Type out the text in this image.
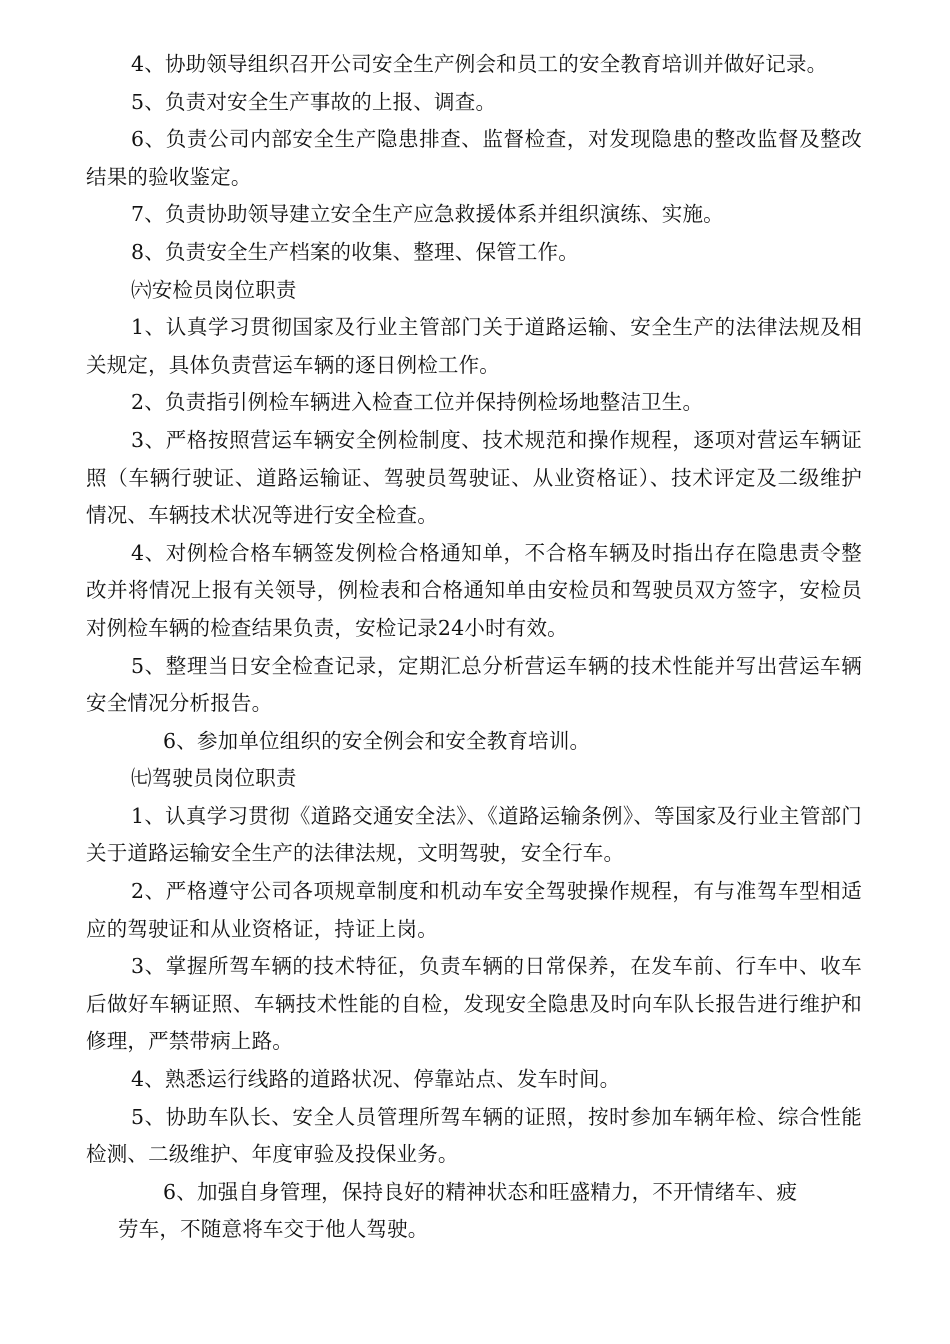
4、协助领导组织召开公司安全生产例会和员工的安全教育培训并做好记录。

5、负责对安全生产事故的上报、调查。

6、负责公司内部安全生产隐患排查、监督检查，对发现隐患的整改监督及整改结果的验收鉴定。

7、负责协助领导建立安全生产应急救援体系并组织演练、实施。

8、负责安全生产档案的收集、整理、保管工作。

㈥安检员岗位职责

1、认真学习贯彻国家及行业主管部门关于道路运输、安全生产的法律法规及相关规定，具体负责营运车辆的逐日例检工作。

2、负责指引例检车辆进入检查工位并保持例检场地整洁卫生。

3、严格按照营运车辆安全例检制度、技术规范和操作规程，逐项对营运车辆证照（车辆行驶证、道路运输证、驾驶员驾驶证、从业资格证）、技术评定及二级维护情况、车辆技术状况等进行安全检查。

4、对例检合格车辆签发例检合格通知单，不合格车辆及时指出存在隐患责令整改并将情况上报有关领导，例检表和合格通知单由安检员和驾驶员双方签字，安检员对例检车辆的检查结果负责，安检记录24小时有效。

5、整理当日安全检查记录，定期汇总分析营运车辆的技术性能并写出营运车辆安全情况分析报告。

6、参加单位组织的安全例会和安全教育培训。

㈦驾驶员岗位职责

1、认真学习贯彻《道路交通安全法》、《道路运输条例》、等国家及行业主管部门关于道路运输安全生产的法律法规，文明驾驶，安全行车。

2、严格遵守公司各项规章制度和机动车安全驾驶操作规程，有与准驾车型相适应的驾驶证和从业资格证，持证上岗。

3、掌握所驾车辆的技术特征，负责车辆的日常保养，在发车前、行车中、收车后做好车辆证照、车辆技术性能的自检，发现安全隐患及时向车队长报告进行维护和修理，严禁带病上路。

4、熟悉运行线路的道路状况、停靠站点、发车时间。

5、协助车队长、安全人员管理所驾车辆的证照，按时参加车辆年检、综合性能检测、二级维护、年度审验及投保业务。

6、加强自身管理，保持良好的精神状态和旺盛精力，不开情绪车、疲
劳车，不随意将车交于他人驾驶。
